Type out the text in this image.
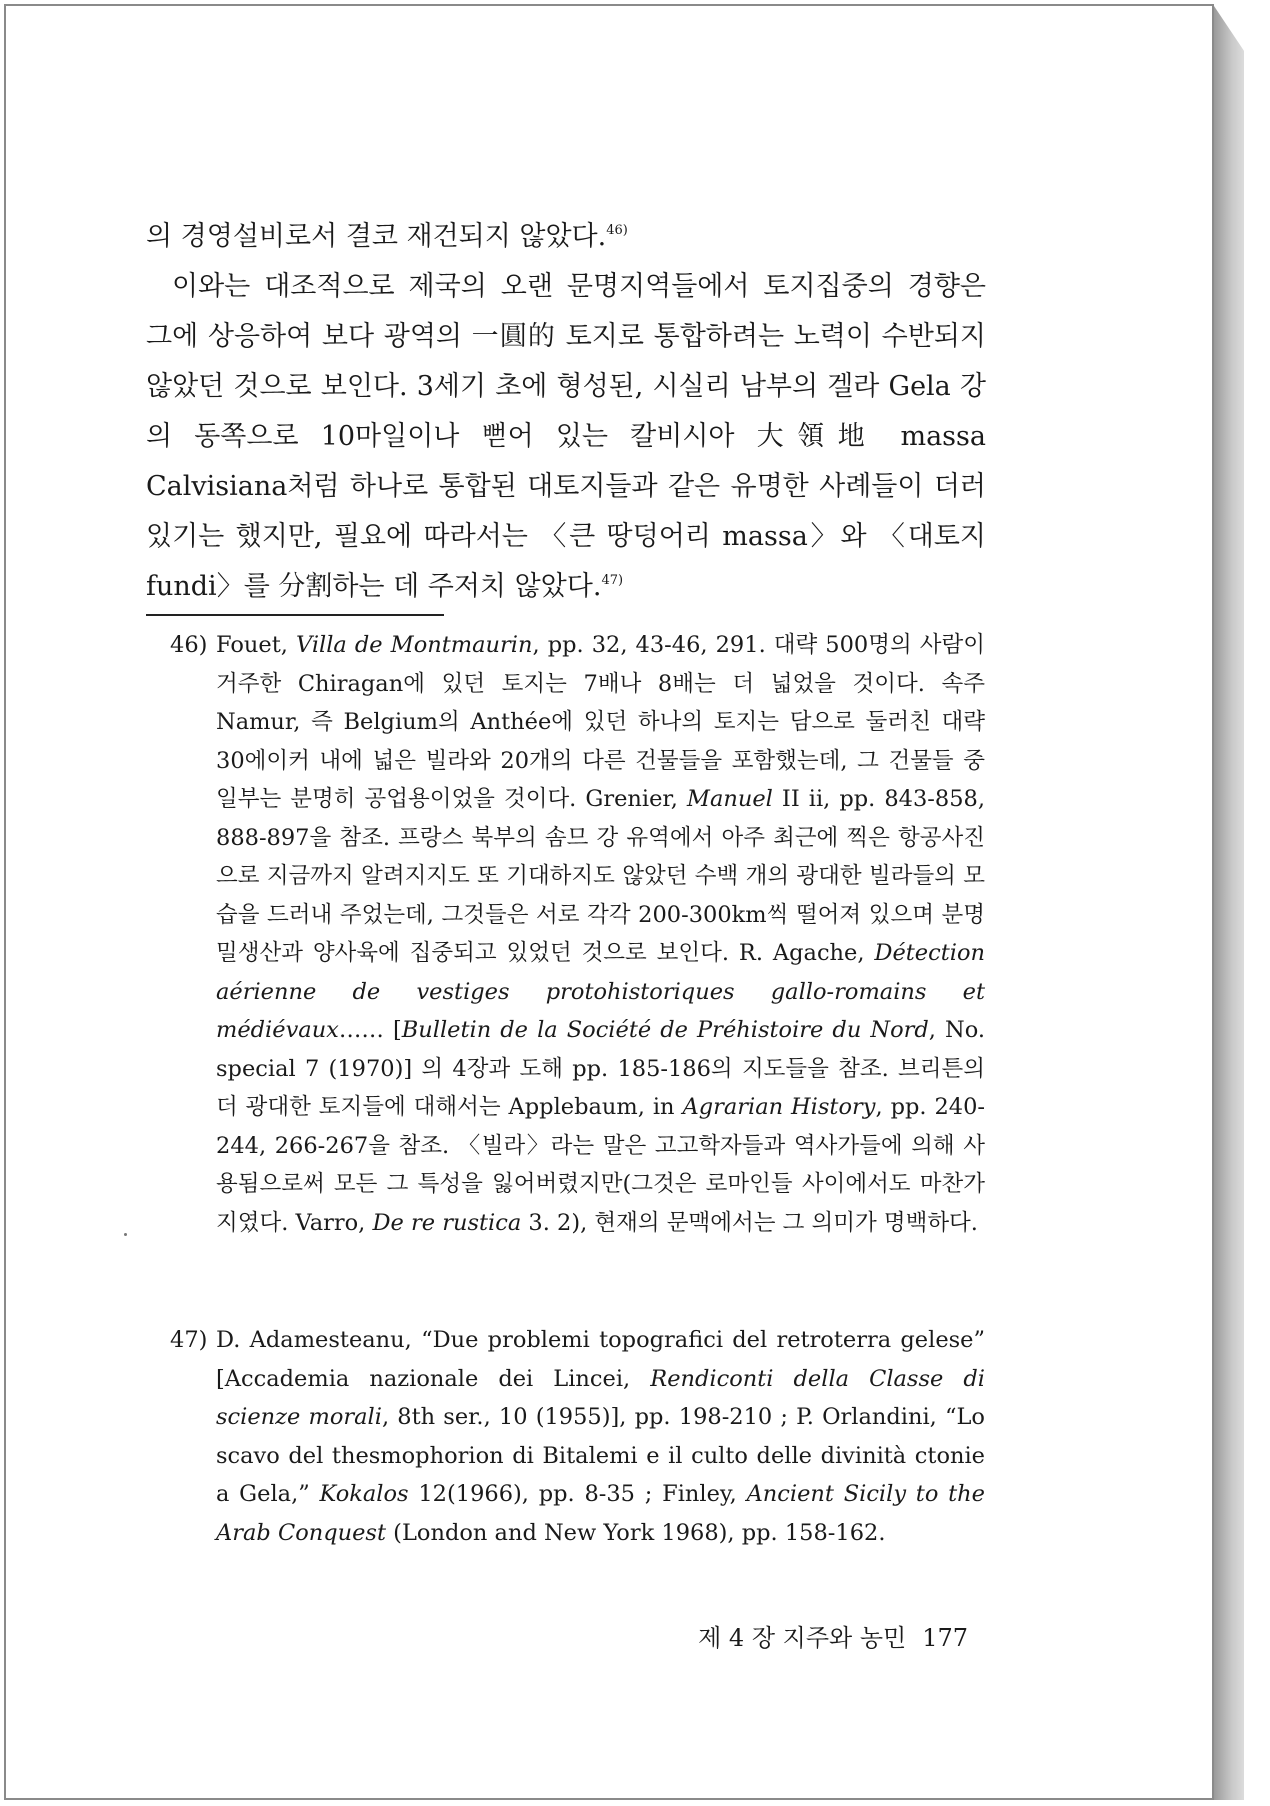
의 경영설비로서 결코 재건되지 않았다.$^{46)}$

이와는 대조적으로 제국의 오랜 문명지역들에서 토지집중의 경향은 그에 상응하여 보다 광역의 一圓的 토지로 통합하려는 노력이 수반되지 않았던 것으로 보인다. 3세기 초에 형성된, 시실리 남부의 겔라 Gela 강의 동쪽으로 10마일이나 뻗어 있는 칼비시아 大領地 massa Calvisiana처럼 하나로 통합된 대토지들과 같은 유명한 사례들이 더러 있기는 했지만, 필요에 따라서는 〈큰 땅덩어리 massa〉와 〈대토지 fundi〉를 分割하는 데 주저치 않았다.$^{47)}$

46) Fouet, Villa de Montmaurin, pp. 32, 43-46, 291. 대략 500명의 사람이 거주한 Chiragan에 있던 토지는 7배나 8배는 더 넓었을 것이다. 속주 Namur, 즉 Belgium의 Anthée에 있던 하나의 토지는 담으로 둘러친 대략 30에이커 내에 넓은 빌라와 20개의 다른 건물들을 포함했는데, 그 건물들 중 일부는 분명히 공업용이었을 것이다. Grenier, Manuel II ii, pp. 843-858, 888-897을 참조. 프랑스 북부의 솜므 강 유역에서 아주 최근에 찍은 항공사진으로 지금까지 알려지지도 또 기대하지도 않았던 수백 개의 광대한 빌라들의 모습을 드러내 주었는데, 그것들은 서로 각각 200-300km씩 떨어져 있으며 분명 밀생산과 양사육에 집중되고 있었던 것으로 보인다. R. Agache, Détection aérienne de vestiges protohistoriques gallo-romains et médiévaux…… [Bulletin de la Société de Préhistoire du Nord, No. special 7 (1970)] 의 4장과 도해 pp. 185-186의 지도들을 참조. 브리튼의 더 광대한 토지들에 대해서는 Applebaum, in Agrarian History, pp. 240-244, 266-267을 참조. 〈빌라〉라는 말은 고고학자들과 역사가들에 의해 사용됨으로써 모든 그 특성을 잃어버렸지만(그것은 로마인들 사이에서도 마찬가지였다. Varro, De re rustica 3. 2), 현재의 문맥에서는 그 의미가 명백하다.
47) D. Adamesteanu, “Due problemi topografici del retroterra gelese” [Accademia nazionale dei Lincei, Rendiconti della Classe di scienze morali, 8th ser., 10 (1955)], pp. 198-210 ; P. Orlandini, “Lo scavo del thesmophorion di Bitalemi e il culto delle divinità ctonie a Gela,” Kokalos 12(1966), pp. 8-35 ; Finley, Ancient Sicily to the Arab Conquest (London and New York 1968), pp. 158-162.
제 4 장 지주와 농민 177
